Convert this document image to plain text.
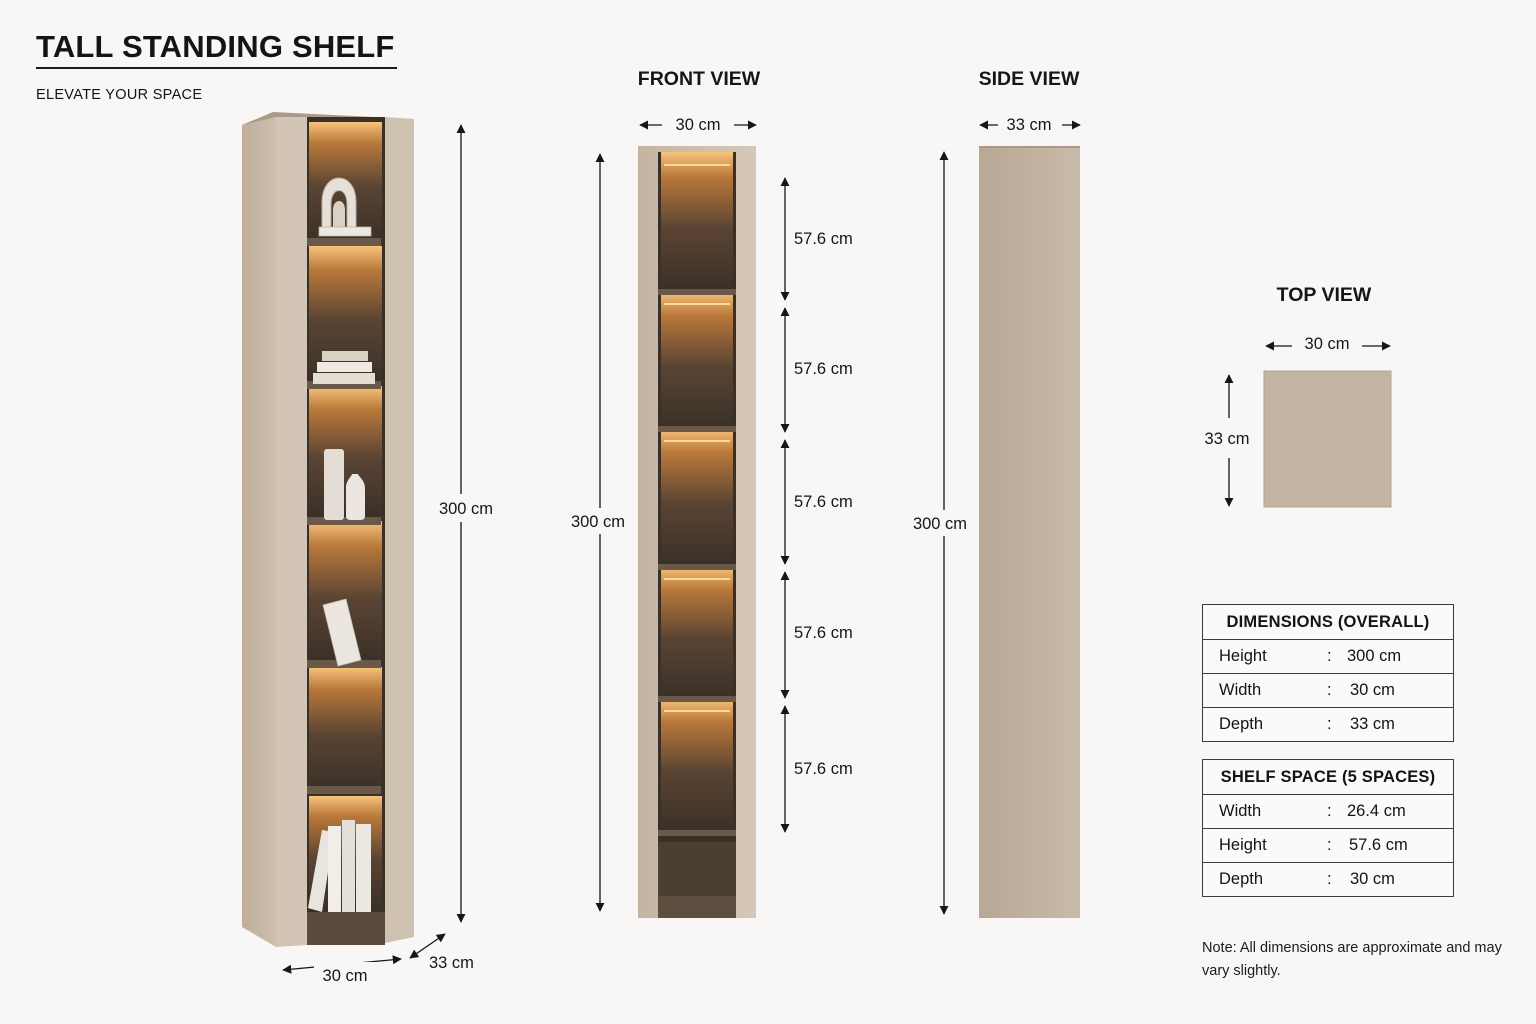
TALL STANDING SHELF
ELEVATE YOUR SPACE
300 cm
30 cm
33 cm
FRONT VIEW
30 cm
300 cm
57.6 cm
57.6 cm
57.6 cm
57.6 cm
57.6 cm
SIDE VIEW
33 cm
300 cm
TOP VIEW
30 cm
33 cm
DIMENSIONS (OVERALL)
Height	: 300 cm
Width	: 30 cm
Depth	: 33 cm
SHELF SPACE (5 SPACES)
Width	: 26.4 cm
Height	: 57.6 cm
Depth	: 30 cm
Note: All dimensions are approximate and may vary slightly.
